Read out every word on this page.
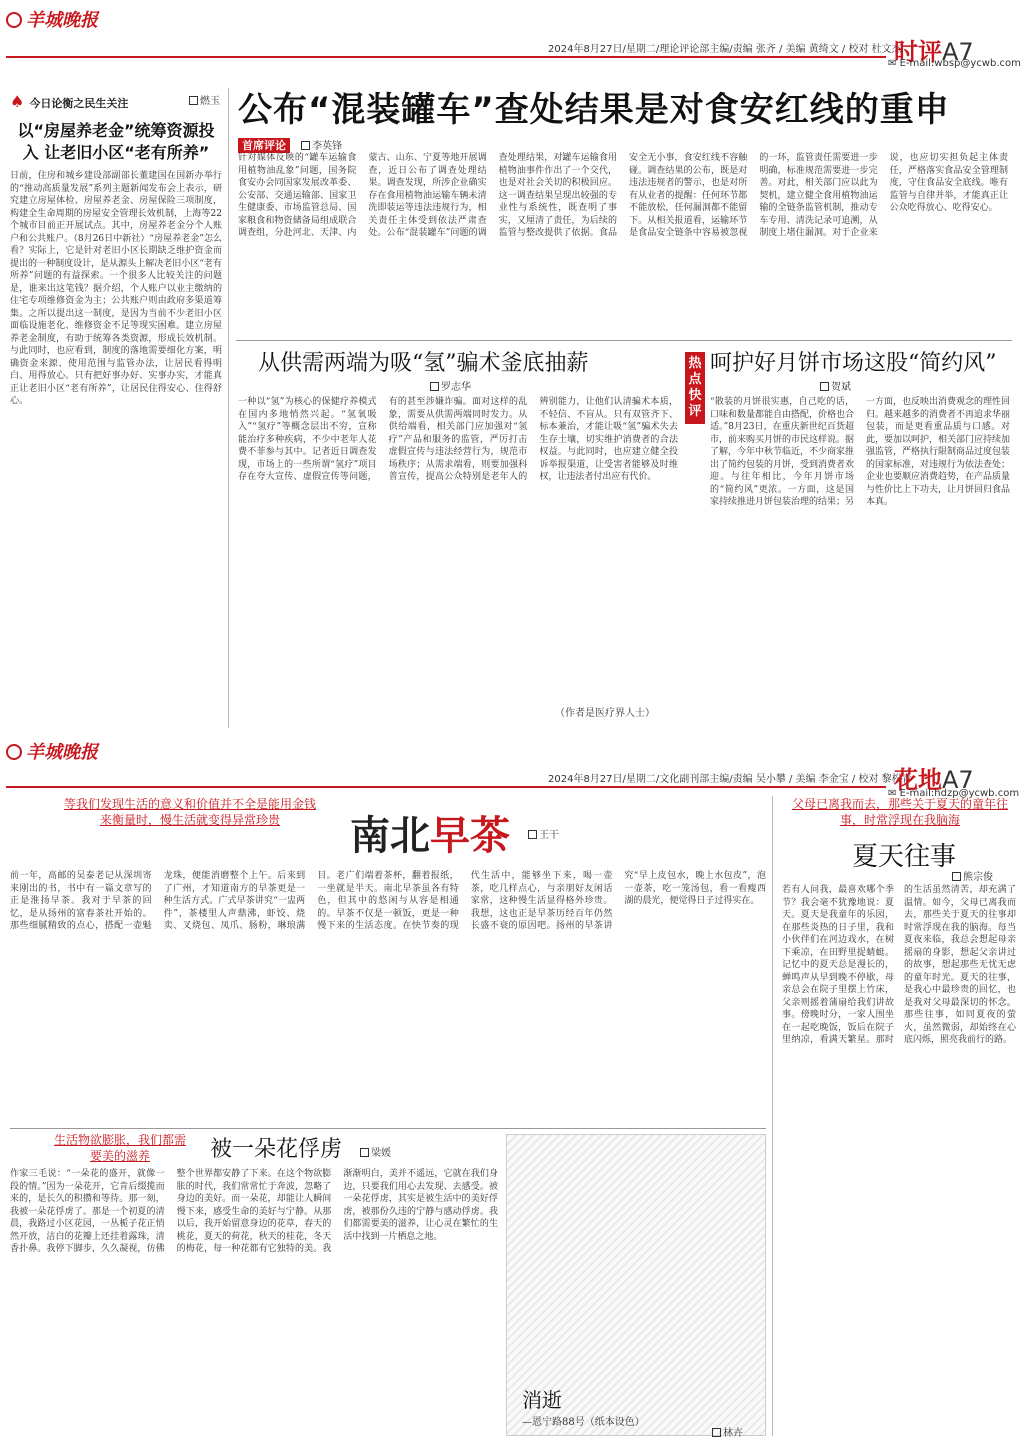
羊城晚报
2024年8月27日/星期二/理论评论部主编/责编 张齐 / 美编 黄绮文 / 校对 杜文杰
时评A7
✉ E-mail:wbsp@ycwb.com
♠ 今日论衡之民生关注	燃玉
以“房屋养老金”统筹资源投入 让老旧小区“老有所养”
日前，住房和城乡建设部副部长董建国在国新办举行的“推动高质量发展”系列主题新闻发布会上表示，研究建立房屋体检、房屋养老金、房屋保险三项制度，构建全生命周期的房屋安全管理长效机制，上海等22个城市目前正开展试点。其中，房屋养老金分个人账户和公共账户。（8月26日中新社）“房屋养老金”怎么看？实际上，它是针对老旧小区长期缺乏维护资金而提出的一种制度设计，是从源头上解决老旧小区“老有所养”问题的有益探索。一个很多人比较关注的问题是，谁来出这笔钱？据介绍，个人账户以业主缴纳的住宅专项维修资金为主；公共账户则由政府多渠道筹集。之所以提出这一制度，是因为当前不少老旧小区面临设施老化、维修资金不足等现实困难。建立房屋养老金制度，有助于统筹各类资源，形成长效机制。与此同时，也应看到，制度的落地需要细化方案，明确资金来源、使用范围与监管办法，让居民看得明白、用得放心。只有把好事办好、实事办实，才能真正让老旧小区“老有所养”，让居民住得安心、住得舒心。
公布“混装罐车”查处结果是对食安红线的重申
首席评论	李英锋
针对媒体反映的“罐车运输食用植物油乱象”问题，国务院食安办会同国家发展改革委、公安部、交通运输部、国家卫生健康委、市场监管总局、国家粮食和物资储备局组成联合调查组，分赴河北、天津、内蒙古、山东、宁夏等地开展调查，近日公布了调查处理结果。调查发现，所涉企业确实存在食用植物油运输车辆未清洗即装运等违法违规行为，相关责任主体受到依法严肃查处。公布“混装罐车”问题的调查处理结果，对罐车运输食用植物油事件作出了一个交代，也是对社会关切的积极回应。这一调查结果呈现出较强的专业性与系统性，既查明了事实，又厘清了责任，为后续的监管与整改提供了依据。食品安全无小事，食安红线不容触碰。调查结果的公布，既是对违法违规者的警示，也是对所有从业者的提醒：任何环节都不能放松，任何漏洞都不能留下。从相关报道看，运输环节是食品安全链条中容易被忽视的一环，监管责任需要进一步明确，标准规范需要进一步完善。对此，相关部门应以此为契机，建立健全食用植物油运输的全链条监管机制，推动专车专用、清洗记录可追溯，从制度上堵住漏洞。对于企业来说，也应切实担负起主体责任，严格落实食品安全管理制度，守住食品安全底线。唯有监管与自律并举，才能真正让公众吃得放心、吃得安心。
从供需两端为吸“氢”骗术釜底抽薪
罗志华
一种以“氢”为核心的保健疗养模式在国内多地悄然兴起。“氢氧吸入”“氢疗”等概念层出不穷，宣称能治疗多种疾病，不少中老年人花费不菲参与其中。记者近日调查发现，市场上的一些所谓“氢疗”项目存在夸大宣传、虚假宣传等问题，有的甚至涉嫌诈骗。面对这样的乱象，需要从供需两端同时发力。从供给端看，相关部门应加强对“氢疗”产品和服务的监管，严厉打击虚假宣传与违法经营行为，规范市场秩序；从需求端看，则要加强科普宣传，提高公众特别是老年人的辨别能力，让他们认清骗术本质，不轻信、不盲从。只有双管齐下、标本兼治，才能让吸“氢”骗术失去生存土壤，切实维护消费者的合法权益。与此同时，也应建立健全投诉举报渠道，让受害者能够及时维权，让违法者付出应有代价。
热点快评
呵护好月饼市场这股“简约风”
贺斌
“散装的月饼很实惠，自己吃的话，口味和数量都能自由搭配，价格也合适。”8月23日，在重庆新世纪百货超市，前来购买月饼的市民这样说。据了解，今年中秋节临近，不少商家推出了简约包装的月饼，受到消费者欢迎。与往年相比，今年月饼市场的“简约风”更浓。一方面，这是国家持续推进月饼包装治理的结果；另一方面，也反映出消费观念的理性回归。越来越多的消费者不再追求华丽包装，而是更看重品质与口感。对此，要加以呵护，相关部门应持续加强监管，严格执行限制商品过度包装的国家标准，对违规行为依法查处；企业也要顺应消费趋势，在产品质量与性价比上下功夫，让月饼回归食品本真。
（作者是医疗界人士）
羊城晚报
2024年8月27日/星期二/文化副刊部主编/责编 吴小攀 / 美编 李金宝 / 校对 黎松青
花地A7
✉ E-mail:hdzp@ycwb.com
等我们发现生活的意义和价值并不全是能用金钱来衡量时，慢生活就变得异常珍贵	南北早茶	王干
前一年，高邮的吴泰老记从深圳寄来刚出的书，书中有一篇文章写的正是淮扬早茶。我对于早茶的回忆，是从扬州的富春茶社开始的。那些细腻精致的点心，搭配一壶魁龙珠，便能消磨整个上午。后来到了广州，才知道南方的早茶更是一种生活方式。广式早茶讲究“一盅两件”，茶楼里人声鼎沸，虾饺、烧卖、叉烧包、凤爪、肠粉，琳琅满目。老广们端着茶杯，翻着报纸，一坐就是半天。南北早茶虽各有特色，但其中的悠闲与从容是相通的。早茶不仅是一顿饭，更是一种慢下来的生活态度。在快节奏的现代生活中，能够坐下来，喝一壶茶，吃几样点心，与亲朋好友闲话家常，这种慢生活显得格外珍贵。我想，这也正是早茶历经百年仍然长盛不衰的原因吧。扬州的早茶讲究“早上皮包水，晚上水包皮”，泡一壶茶，吃一笼汤包，看一看瘦西湖的晨光，便觉得日子过得实在。
父母已离我而去，那些关于夏天的童年往事，时常浮现在我脑海
夏天往事
熊宗俊
若有人问我，最喜欢哪个季节？我会毫不犹豫地说：夏天。夏天是我童年的乐园，在那些炎热的日子里，我和小伙伴们在河边戏水，在树下乘凉，在田野里捉蜻蜓。记忆中的夏天总是漫长的，蝉鸣声从早到晚不停歇，母亲总会在院子里摆上竹床，父亲则摇着蒲扇给我们讲故事。傍晚时分，一家人围坐在一起吃晚饭，饭后在院子里纳凉，看满天繁星。那时的生活虽然清苦，却充满了温情。如今，父母已离我而去，那些关于夏天的往事却时常浮现在我的脑海。每当夏夜来临，我总会想起母亲摇扇的身影，想起父亲讲过的故事，想起那些无忧无虑的童年时光。夏天的往事，是我心中最珍贵的回忆，也是我对父母最深切的怀念。那些往事，如同夏夜的萤火，虽然微弱，却始终在心底闪烁，照亮我前行的路。
生活物欲膨胀，我们都需要美的滋养	被一朵花俘虏	梁媛
作家三毛说：“一朵花的盛开，就像一段的情。”因为一朵花开，它肯后缀揽而来的，是长久的积攒和等待。那一刻，我被一朵花俘虏了。那是一个初夏的清晨，我路过小区花园，一丛栀子花正悄然开放，洁白的花瓣上还挂着露珠，清香扑鼻。我停下脚步，久久凝视，仿佛整个世界都安静了下来。在这个物欲膨胀的时代，我们常常忙于奔波，忽略了身边的美好。而一朵花，却能让人瞬间慢下来，感受生命的美好与宁静。从那以后，我开始留意身边的花草，春天的桃花，夏天的荷花，秋天的桂花，冬天的梅花，每一种花都有它独特的美。我渐渐明白，美并不遥远，它就在我们身边，只要我们用心去发现、去感受。被一朵花俘虏，其实是被生活中的美好俘虏，被那份久违的宁静与感动俘虏。我们都需要美的滋养，让心灵在繁忙的生活中找到一片栖息之地。
消逝
—恩宁路88号（纸本设色）
林卉
